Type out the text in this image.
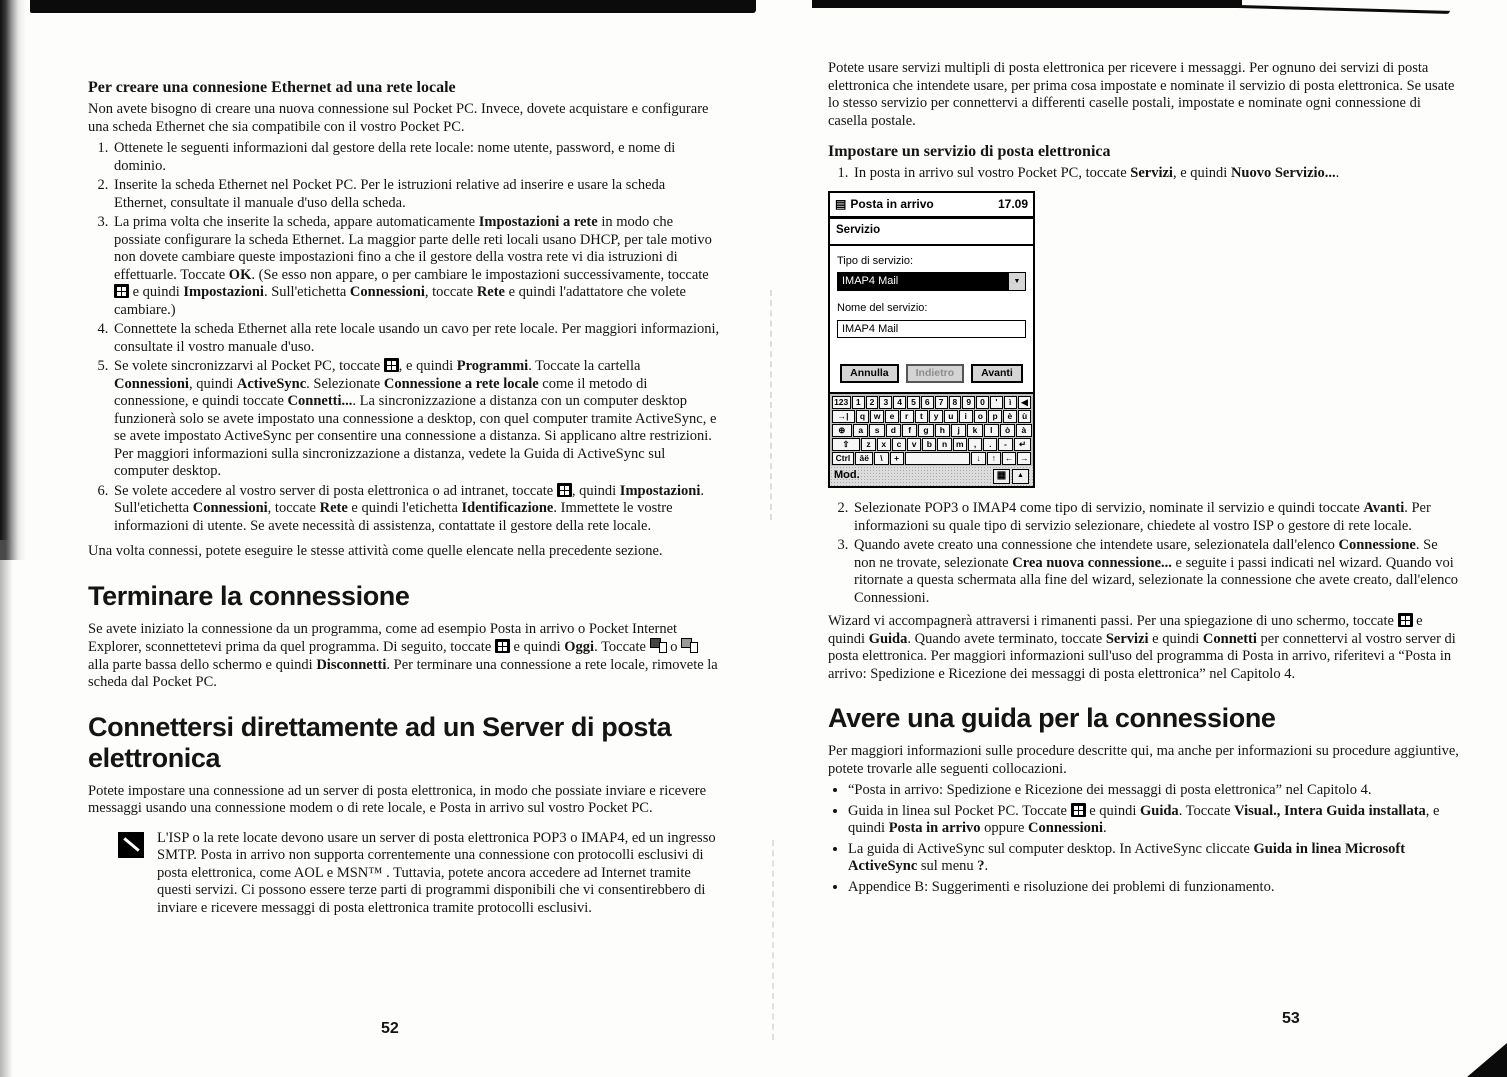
Per creare una connesione Ethernet ad una rete locale

Non avete bisogno di creare una nuova connessione sul Pocket PC. Invece, dovete acquistare e configurare una scheda Ethernet che sia compatibile con il vostro Pocket PC.

1. Ottenete le seguenti informazioni dal gestore della rete locale: nome utente, password, e nome di dominio.
2. Inserite la scheda Ethernet nel Pocket PC. Per le istruzioni relative ad inserire e usare la scheda Ethernet, consultate il manuale d'uso della scheda.
3. La prima volta che inserite la scheda, appare automaticamente Impostazioni a rete in modo che possiate configurare la scheda Ethernet. La maggior parte delle reti locali usano DHCP, per tale motivo non dovete cambiare queste impostazioni fino a che il gestore della vostra rete vi dia istruzioni di effettuarle. Toccate OK. (Se esso non appare, o per cambiare le impostazioni successivamente, toccate  e quindi Impostazioni. Sull'etichetta Connessioni, toccate Rete e quindi l'adattatore che volete cambiare.)
4. Connettete la scheda Ethernet alla rete locale usando un cavo per rete locale. Per maggiori informazioni, consultate il vostro manuale d'uso.
5. Se volete sincronizzarvi al Pocket PC, toccate , e quindi Programmi. Toccate la cartella Connessioni, quindi ActiveSync. Selezionate Connessione a rete locale come il metodo di connessione, e quindi toccate Connetti.... La sincronizzazione a distanza con un computer desktop funzionerà solo se avete impostato una connessione a desktop, con quel computer tramite ActiveSync, e se avete impostato ActiveSync per consentire una connessione a distanza. Si applicano altre restrizioni. Per maggiori informazioni sulla sincronizzazione a distanza, vedete la Guida di ActiveSync sul computer desktop.
6. Se volete accedere al vostro server di posta elettronica o ad intranet, toccate , quindi Impostazioni. Sull'etichetta Connessioni, toccate Rete e quindi l'etichetta Identificazione. Immettete le vostre informazioni di utente. Se avete necessità di assistenza, contattate il gestore della rete locale.

Una volta connessi, potete eseguire le stesse attività come quelle elencate nella precedente sezione.

Terminare la connessione

Se avete iniziato la connessione da un programma, come ad esempio Posta in arrivo o Pocket Internet Explorer, sconnettetevi prima da quel programma. Di seguito, toccate  e quindi Oggi. Toccate  o  alla parte bassa dello schermo e quindi Disconnetti. Per terminare una connessione a rete locale, rimovete la scheda dal Pocket PC.

Connettersi direttamente ad un Server di posta elettronica

Potete impostare una connessione ad un server di posta elettronica, in modo che possiate inviare e ricevere messaggi usando una connessione modem o di rete locale, e Posta in arrivo sul vostro Pocket PC.

L'ISP o la rete locate devono usare un server di posta elettronica POP3 o IMAP4, ed un ingresso SMTP. Posta in arrivo non supporta correntemente una connessione con protocolli esclusivi di posta elettronica, come AOL e MSN™ . Tuttavia, potete ancora accedere ad Internet tramite questi servizi. Ci possono essere terze parti di programmi disponibili che vi consentirebbero di inviare e ricevere messaggi di posta elettronica tramite protocolli esclusivi.

Potete usare servizi multipli di posta elettronica per ricevere i messaggi. Per ognuno dei servizi di posta elettronica che intendete usare, per prima cosa impostate e nominate il servizio di posta elettronica. Se usate lo stesso servizio per connettervi a differenti caselle postali, impostate e nominate ogni connessione di casella postale.

Impostare un servizio di posta elettronica
1. In posta in arrivo sul vostro Pocket PC, toccate Servizi, e quindi Nuovo Servizio....
▤
Posta in arrivo	17.09
Servizio
Tipo di servizio:
IMAP4 Mail
▼
Nome del servizio:
IMAP4 Mail
Annulla	Indietro	Avanti
123 1	2	3	4	5	6	7	8	9	0	'	ì	◀
→|	q	w	e	r	t	y	u	i	o	p	è	ù
⊕	a	s	d	f	g	h	j	k	l	ò	à
⇧	z	x	c	v	b	n	m	,	.	-	↵
Ctrl	âë	\	+	↓	↑	← →
Mod.
▦
▲
2. Selezionate POP3 o IMAP4 come tipo di servizio, nominate il servizio e quindi toccate Avanti. Per informazioni su quale tipo di servizio selezionare, chiedete al vostro ISP o gestore di rete locale.
3. Quando avete creato una connessione che intendete usare, selezionatela dall'elenco Connessione. Se non ne trovate, selezionate Crea nuova connessione... e seguite i passi indicati nel wizard. Quando voi ritornate a questa schermata alla fine del wizard, selezionate la connessione che avete creato, dall'elenco Connessioni.

Wizard vi accompagnerà attraversi i rimanenti passi. Per una spiegazione di uno schermo, toccate  e quindi Guida. Quando avete terminato, toccate Servizi e quindi Connetti per connettervi al vostro server di posta elettronica. Per maggiori informazioni sull'uso del programma di Posta in arrivo, riferitevi a “Posta in arrivo: Spedizione e Ricezione dei messaggi di posta elettronica” nel Capitolo 4.

Avere una guida per la connessione

Per maggiori informazioni sulle procedure descritte qui, ma anche per informazioni su procedure aggiuntive, potete trovarle alle seguenti collocazioni.

• “Posta in arrivo: Spedizione e Ricezione dei messaggi di posta elettronica” nel Capitolo 4.
• Guida in linea sul Pocket PC. Toccate  e quindi Guida. Toccate Visual., Intera Guida installata, e quindi Posta in arrivo oppure Connessioni.
• La guida di ActiveSync sul computer desktop. In ActiveSync cliccate Guida in linea Microsoft ActiveSync sul menu ?.
• Appendice B: Suggerimenti e risoluzione dei problemi di funzionamento.
52
53
